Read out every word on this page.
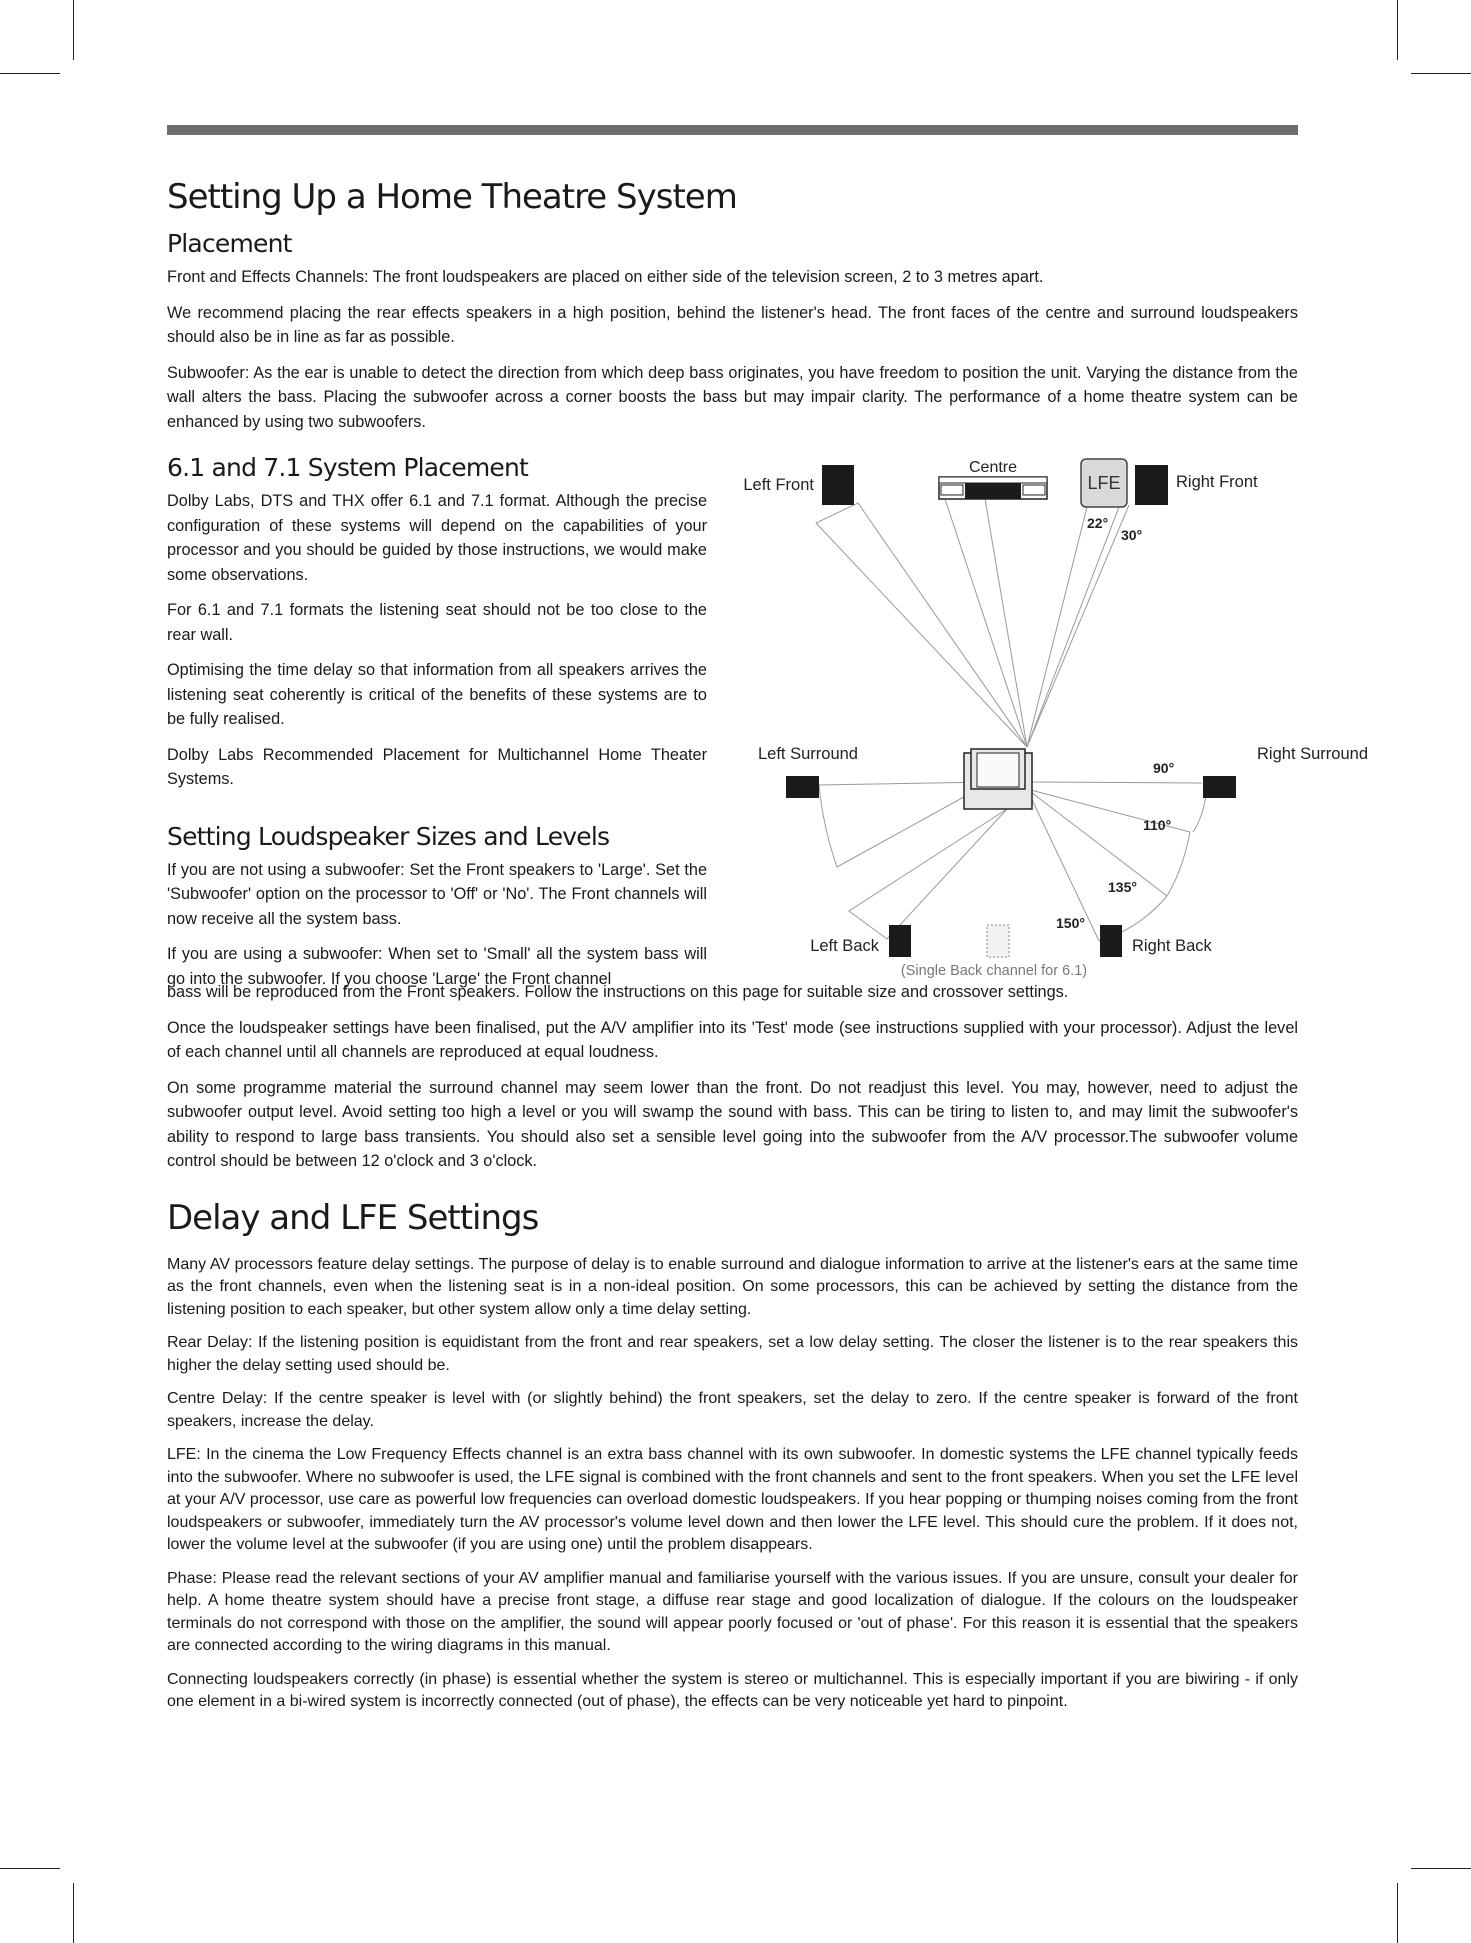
Setting Up a Home Theatre System
Placement

Front and Effects Channels: The front loudspeakers are placed on either side of the television screen, 2 to 3 metres apart.

We recommend placing the rear effects speakers in a high position, behind the listener's head. The front faces of the centre and surround loudspeakers should also be in line as far as possible.

Subwoofer: As the ear is unable to detect the direction from which deep bass originates, you have freedom to position the unit. Varying the distance from the wall alters the bass. Placing the subwoofer across a corner boosts the bass but may impair clarity. The performance of a home theatre system can be enhanced by using two subwoofers.

6.1 and 7.1 System Placement

Dolby Labs, DTS and THX offer 6.1 and 7.1 format. Although the precise configuration of these systems will depend on the capabilities of your processor and you should be guided by those instructions, we would make some observations.

For 6.1 and 7.1 formats the listening seat should not be too close to the rear wall.

Optimising the time delay so that information from all speakers arrives the listening seat coherently is critical of the benefits of these systems are to be fully realised.

Dolby Labs Recommended Placement for Multichannel Home Theater Systems.

Setting Loudspeaker Sizes and Levels

If you are not using a subwoofer: Set the Front speakers to 'Large'. Set the 'Subwoofer' option on the processor to 'Off' or 'No'. The Front channels will now receive all the system bass.

If you are using a subwoofer: When set to 'Small' all the system bass will go into the subwoofer. If you choose 'Large' the Front channel

Centre
Left Front	LFE	Right Front
22°
30°
90°
110°
135°
150°
Left Surround	Right Surround
Left Back	Right Back
(Single Back channel for 6.1)

bass will be reproduced from the Front speakers. Follow the instructions on this page for suitable size and crossover settings.

Once the loudspeaker settings have been finalised, put the A/V amplifier into its 'Test' mode (see instructions supplied with your processor). Adjust the level of each channel until all channels are reproduced at equal loudness.

On some programme material the surround channel may seem lower than the front. Do not readjust this level. You may, however, need to adjust the subwoofer output level. Avoid setting too high a level or you will swamp the sound with bass. This can be tiring to listen to, and may limit the subwoofer's ability to respond to large bass transients. You should also set a sensible level going into the subwoofer from the A/V processor.The subwoofer volume control should be between 12 o'clock and 3 o'clock.

Delay and LFE Settings

Many AV processors feature delay settings. The purpose of delay is to enable surround and dialogue information to arrive at the listener's ears at the same time as the front channels, even when the listening seat is in a non-ideal position. On some processors, this can be achieved by setting the distance from the listening position to each speaker, but other system allow only a time delay setting.

Rear Delay: If the listening position is equidistant from the front and rear speakers, set a low delay setting. The closer the listener is to the rear speakers this higher the delay setting used should be.

Centre Delay: If the centre speaker is level with (or slightly behind) the front speakers, set the delay to zero. If the centre speaker is forward of the front speakers, increase the delay.

LFE: In the cinema the Low Frequency Effects channel is an extra bass channel with its own subwoofer. In domestic systems the LFE channel typically feeds into the subwoofer. Where no subwoofer is used, the LFE signal is combined with the front channels and sent to the front speakers. When you set the LFE level at your A/V processor, use care as powerful low frequencies can overload domestic loudspeakers. If you hear popping or thumping noises coming from the front loudspeakers or subwoofer, immediately turn the AV processor's volume level down and then lower the LFE level. This should cure the problem. If it does not, lower the volume level at the subwoofer (if you are using one) until the problem disappears.

Phase: Please read the relevant sections of your AV amplifier manual and familiarise yourself with the various issues. If you are unsure, consult your dealer for help. A home theatre system should have a precise front stage, a diffuse rear stage and good localization of dialogue. If the colours on the loudspeaker terminals do not correspond with those on the amplifier, the sound will appear poorly focused or 'out of phase'. For this reason it is essential that the speakers are connected according to the wiring diagrams in this manual.

Connecting loudspeakers correctly (in phase) is essential whether the system is stereo or multichannel. This is especially important if you are biwiring - if only one element in a bi-wired system is incorrectly connected (out of phase), the effects can be very noticeable yet hard to pinpoint.
